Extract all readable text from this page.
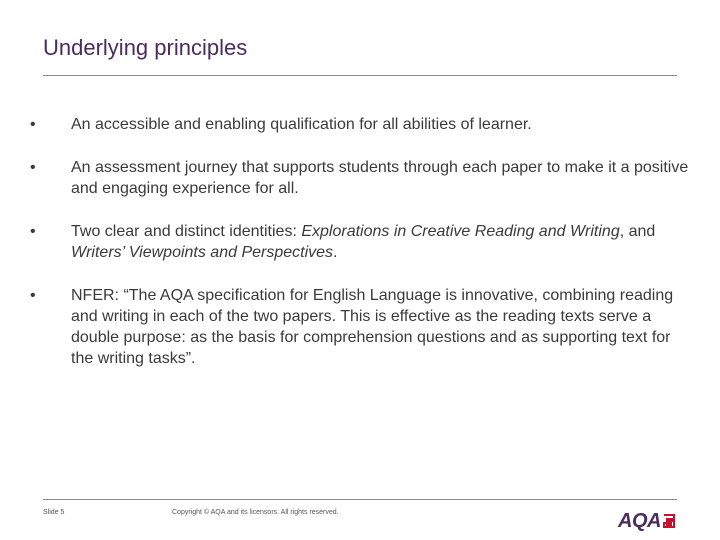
Underlying principles
•	An accessible and enabling qualification for all abilities of learner.
•	An assessment journey that supports students through each paper to make it a positive and engaging experience for all.
•	Two clear and distinct identities: Explorations in Creative Reading and Writing, and Writers’ Viewpoints and Perspectives.
•	NFER: “The AQA specification for English Language is innovative, combining reading and writing in each of the two papers. This is effective as the reading texts serve a double purpose: as the basis for comprehension questions and as supporting text for the writing tasks”.
Slide 5	Copyright © AQA and its licensors. All rights reserved.	AQA
